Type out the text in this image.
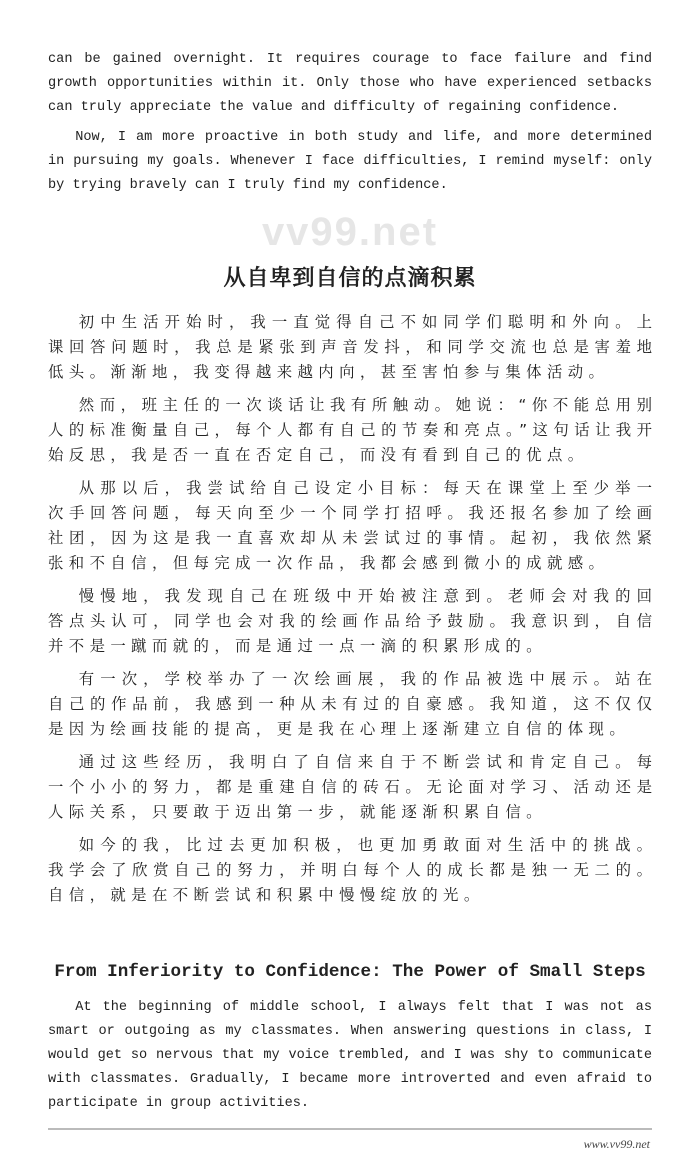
can be gained overnight. It requires courage to face failure and find growth opportunities within it. Only those who have experienced setbacks can truly appreciate the value and difficulty of regaining confidence.

Now, I am more proactive in both study and life, and more determined in pursuing my goals. Whenever I face difficulties, I remind myself: only by trying bravely can I truly find my confidence.

vv99.net
从自卑到自信的点滴积累

初中生活开始时，我一直觉得自己不如同学们聪明和外向。上课回答问题时，我总是紧张到声音发抖，和同学交流也总是害羞地低头。渐渐地，我变得越来越内向，甚至害怕参与集体活动。

然而，班主任的一次谈话让我有所触动。她说：“你不能总用别人的标准衡量自己，每个人都有自己的节奏和亮点。”这句话让我开始反思，我是否一直在否定自己，而没有看到自己的优点。

从那以后，我尝试给自己设定小目标：每天在课堂上至少举一次手回答问题，每天向至少一个同学打招呼。我还报名参加了绘画社团，因为这是我一直喜欢却从未尝试过的事情。起初，我依然紧张和不自信，但每完成一次作品，我都会感到微小的成就感。

慢慢地，我发现自己在班级中开始被注意到。老师会对我的回答点头认可，同学也会对我的绘画作品给予鼓励。我意识到，自信并不是一蹴而就的，而是通过一点一滴的积累形成的。

有一次，学校举办了一次绘画展，我的作品被选中展示。站在自己的作品前，我感到一种从未有过的自豪感。我知道，这不仅仅是因为绘画技能的提高，更是我在心理上逐渐建立自信的体现。

通过这些经历，我明白了自信来自于不断尝试和肯定自己。每一个小小的努力，都是重建自信的砖石。无论面对学习、活动还是人际关系，只要敢于迈出第一步，就能逐渐积累自信。

如今的我，比过去更加积极，也更加勇敢面对生活中的挑战。我学会了欣赏自己的努力，并明白每个人的成长都是独一无二的。自信，就是在不断尝试和积累中慢慢绽放的光。

From Inferiority to Confidence: The Power of Small Steps

At the beginning of middle school, I always felt that I was not as smart or outgoing as my classmates. When answering questions in class, I would get so nervous that my voice trembled, and I was shy to communicate with classmates. Gradually, I became more introverted and even afraid to participate in group activities.

www.vv99.net
